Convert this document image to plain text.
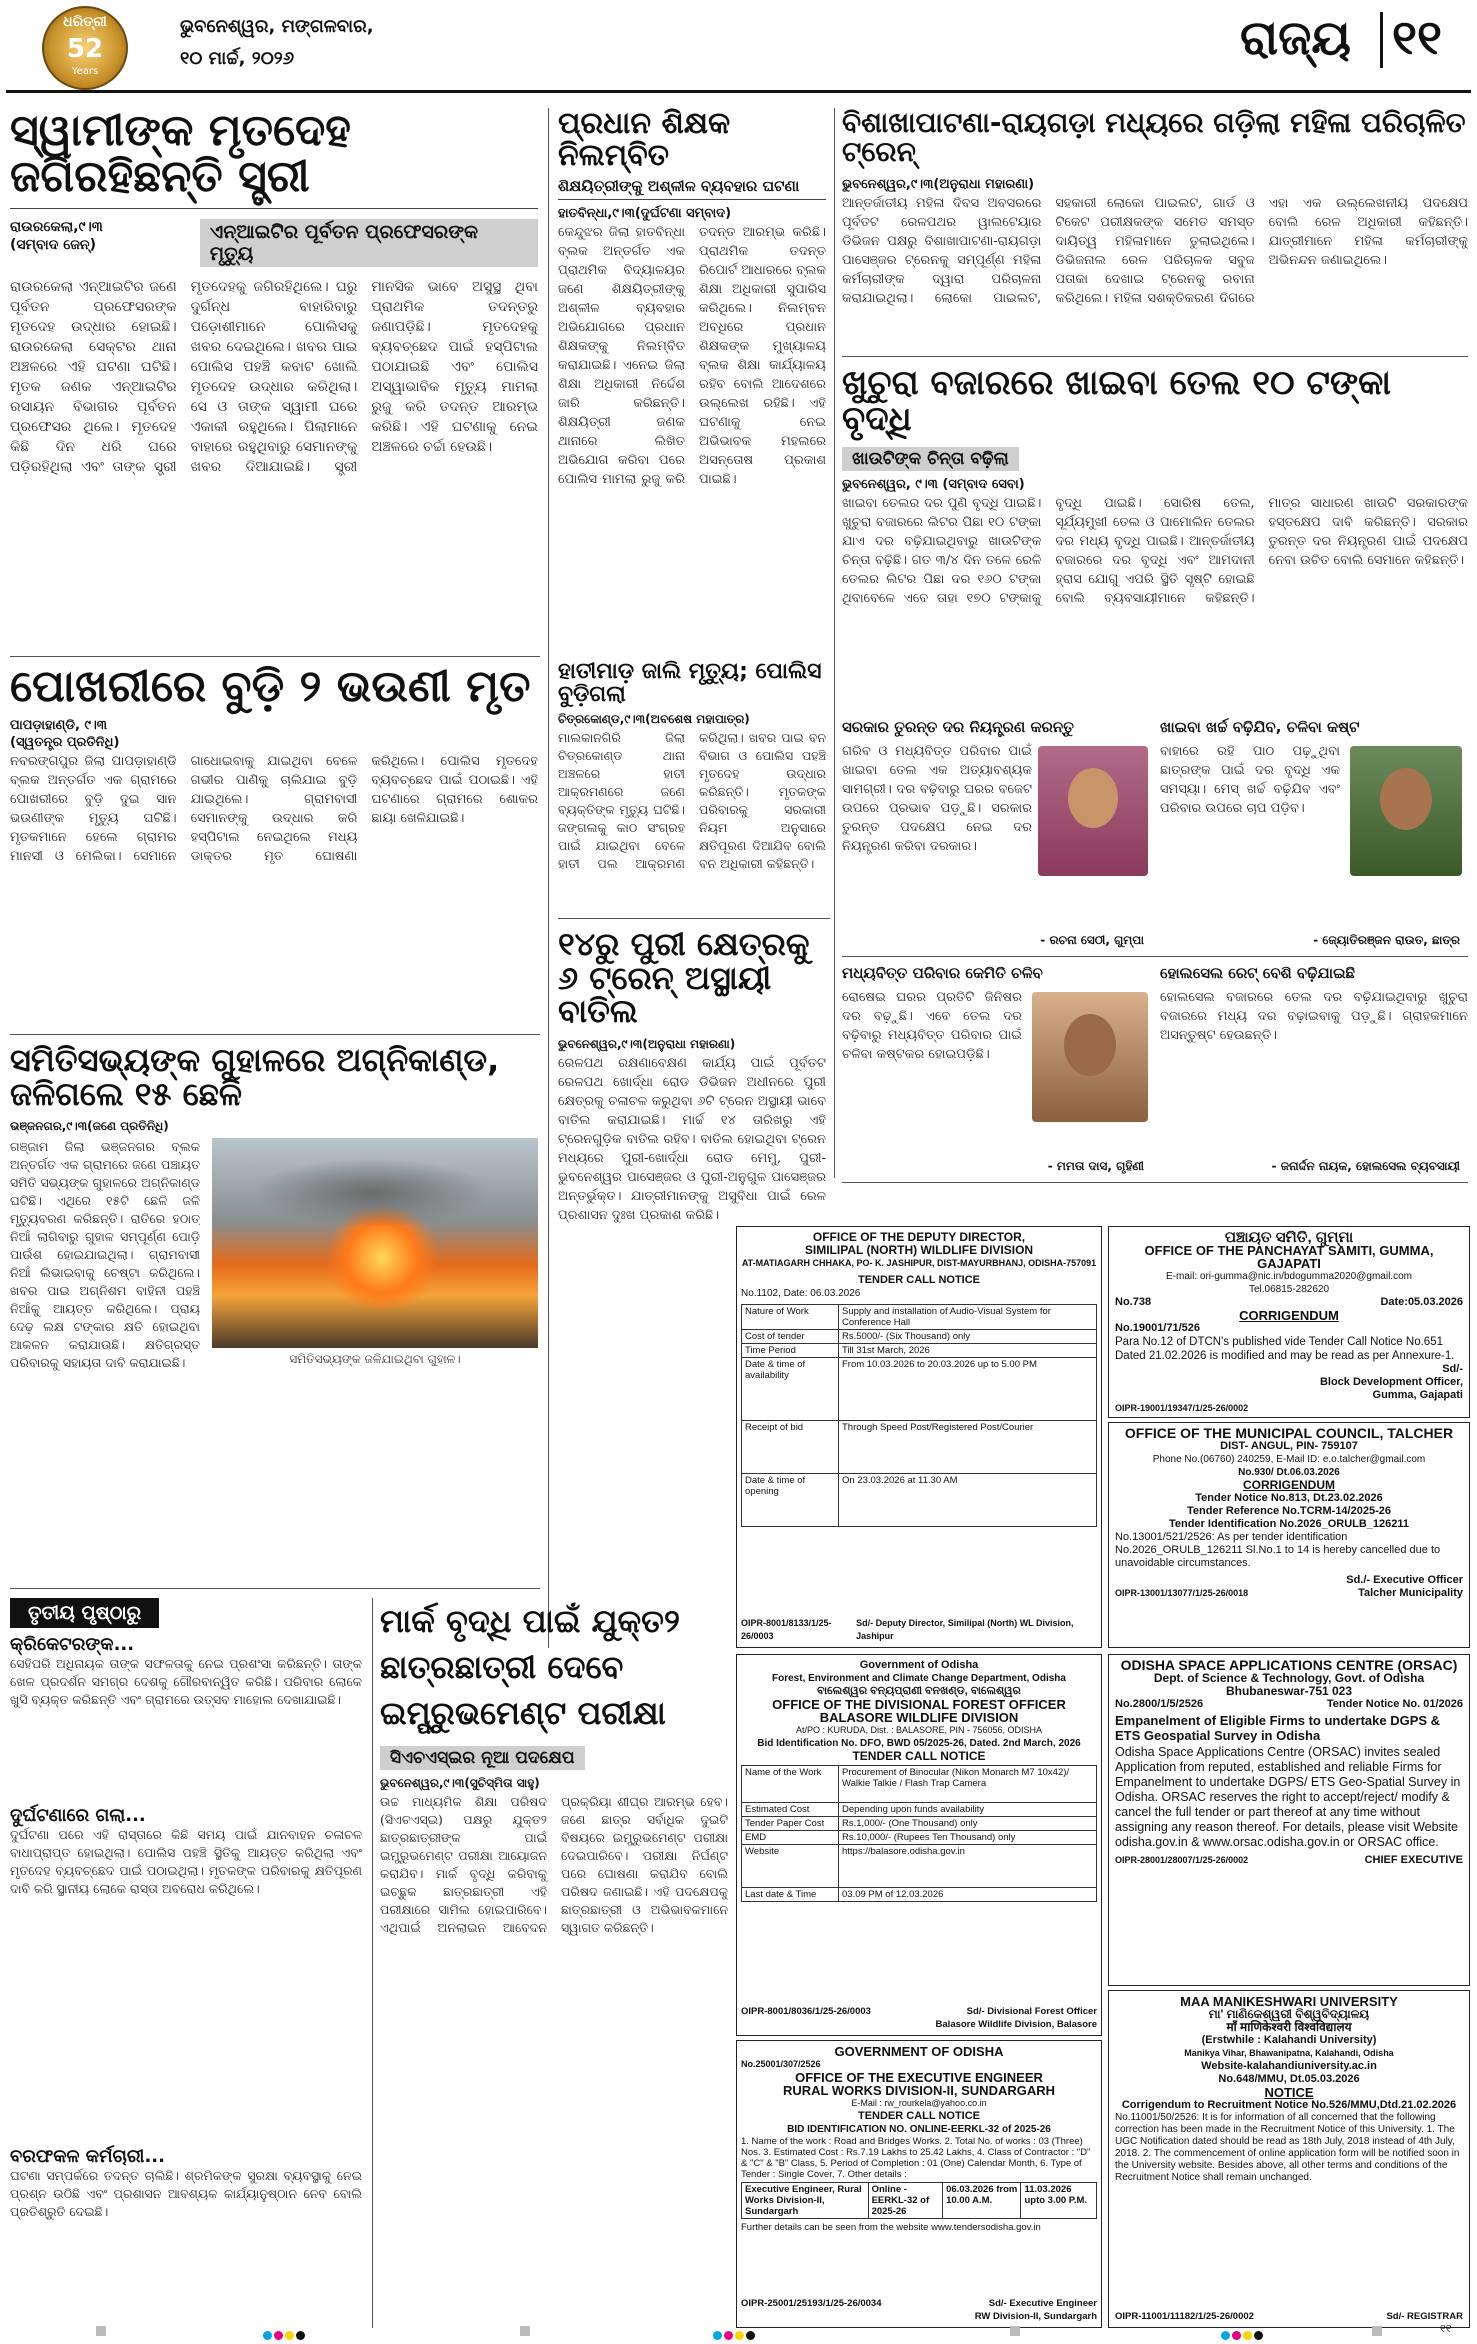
ଧରିତ୍ରୀ
52
Years
ଭୁବନେଶ୍ୱର, ମଙ୍ଗଳବାର,
୧୦ ମାର୍ଚ୍ଚ, ୨୦୨୬	ରାଜ୍ୟ ୧୧
ସ୍ୱାମୀଙ୍କ ମୃତଦେହ ଜଗିରହିଛନ୍ତି ସ୍ତ୍ରୀ
ରାଉରକେଲା,୯।୩
(ସମ୍ବାଦ ଜେନ୍)
ଏନ୍‌ଆଇଟିର ପୂର୍ବତନ ପ୍ରଫେସରଙ୍କ ମୃତ୍ୟୁ
ରାଉରକେଲା ଏନ୍‌ଆଇଟିର ଜଣେ ପୂର୍ବତନ ପ୍ରଫେସରଙ୍କ ମୃତଦେହ ଉଦ୍ଧାର ହୋଇଛି। ରାଉରକେଲା ସେକ୍ଟର ଥାନା ଅଞ୍ଚଳରେ ଏହି ଘଟଣା ଘଟିଛି। ମୃତକ ଜଣକ ଏନ୍‌ଆଇଟିର ରସାୟନ ବିଭାଗର ପୂର୍ବତନ ପ୍ରଫେସର ଥିଲେ। ମୃତଦେହ କିଛି ଦିନ ଧରି ଘରେ ପଡ଼ିରହିଥିଲା ଏବଂ ତାଙ୍କ ସ୍ତ୍ରୀ ମୃତଦେହକୁ ଜଗିରହିଥିଲେ। ଘରୁ ଦୁର୍ଗନ୍ଧ ବାହାରିବାରୁ ପଡ଼ୋଶୀମାନେ ପୋଲିସକୁ ଖବର ଦେଇଥିଲେ। ଖବର ପାଇ ପୋଲିସ ପହଞ୍ଚି କବାଟ ଖୋଲି ମୃତଦେହ ଉଦ୍ଧାର କରିଥିଲା। ସେ ଓ ତାଙ୍କ ସ୍ୱାମୀ ଘରେ ଏକାକୀ ରହୁଥିଲେ। ପିଲାମାନେ ବାହାରେ ରହୁଥିବାରୁ ସେମାନଙ୍କୁ ଖବର ଦିଆଯାଇଛି। ସ୍ତ୍ରୀ ମାନସିକ ଭାବେ ଅସୁସ୍ଥ ଥିବା ପ୍ରାଥମିକ ତଦନ୍ତରୁ ଜଣାପଡ଼ିଛି। ମୃତଦେହକୁ ବ୍ୟବଚ୍ଛେଦ ପାଇଁ ହସ୍ପିଟାଲ ପଠାଯାଇଛି ଏବଂ ପୋଲିସ ଅସ୍ୱାଭାବିକ ମୃତ୍ୟୁ ମାମଲା ରୁଜୁ କରି ତଦନ୍ତ ଆରମ୍ଭ କରିଛି। ଏହି ଘଟଣାକୁ ନେଇ ଅଞ୍ଚଳରେ ଚର୍ଚ୍ଚା ହେଉଛି।
ପ୍ରଧାନ ଶିକ୍ଷକ ନିଲମ୍ବିତ
ଶିକ୍ଷୟିତ୍ରୀଙ୍କୁ ଅଶ୍ଳୀଳ ବ୍ୟବହାର ଘଟଣା
ହାତବିନ୍ଧା,୯।୩(ଦୁର୍ଘଟଣା ସମ୍ବାଦ)
କେନ୍ଦୁଝର ଜିଲା ହାତବିନ୍ଧା ବ୍ଲକ ଅନ୍ତର୍ଗତ ଏକ ପ୍ରାଥମିକ ବିଦ୍ୟାଳୟର ଜଣେ ଶିକ୍ଷୟିତ୍ରୀଙ୍କୁ ଅଶ୍ଳୀଳ ବ୍ୟବହାର ଅଭିଯୋଗରେ ପ୍ରଧାନ ଶିକ୍ଷକଙ୍କୁ ନିଲମ୍ବିତ କରାଯାଇଛି। ଏନେଇ ଜିଲା ଶିକ୍ଷା ଅଧିକାରୀ ନିର୍ଦ୍ଦେଶ ଜାରି କରିଛନ୍ତି। ଶିକ୍ଷୟିତ୍ରୀ ଜଣକ ଥାନାରେ ଲିଖିତ ଅଭିଯୋଗ କରିବା ପରେ ପୋଲିସ ମାମଲା ରୁଜୁ କରି ତଦନ୍ତ ଆରମ୍ଭ କରିଛି। ପ୍ରାଥମିକ ତଦନ୍ତ ରିପୋର୍ଟ ଆଧାରରେ ବ୍ଲକ ଶିକ୍ଷା ଅଧିକାରୀ ସୁପାରିସ କରିଥିଲେ। ନିଲମ୍ବନ ଅବଧିରେ ପ୍ରଧାନ ଶିକ୍ଷକଙ୍କ ମୁଖ୍ୟାଳୟ ବ୍ଲକ ଶିକ୍ଷା କାର୍ଯ୍ୟାଳୟ ରହିବ ବୋଲି ଆଦେଶରେ ଉଲ୍ଲେଖ ରହିଛି। ଏହି ଘଟଣାକୁ ନେଇ ଅଭିଭାବକ ମହଲରେ ଅସନ୍ତୋଷ ପ୍ରକାଶ ପାଇଛି।
ବିଶାଖାପାଟଣା-ରାୟଗଡ଼ା ମଧ୍ୟରେ ଗଡ଼ିଲା ମହିଳା ପରିଚାଳିତ ଟ୍ରେନ୍
ଭୁବନେଶ୍ୱର,୯।୩(ଅନୁରାଧା ମହାରଣା)
ଆନ୍ତର୍ଜାତୀୟ ମହିଳା ଦିବସ ଅବସରରେ ପୂର୍ବତଟ ରେଳପଥର ୱାଲଟେୟାର ଡିଭିଜନ ପକ୍ଷରୁ ବିଶାଖାପାଟଣା-ରାୟଗଡ଼ା ପାସେଞ୍ଜର ଟ୍ରେନକୁ ସମ୍ପୂର୍ଣ୍ଣ ମହିଳା କର୍ମଚାରୀଙ୍କ ଦ୍ୱାରା ପରିଚାଳନା କରାଯାଇଥିଲା। ଲୋକୋ ପାଇଲଟ, ସହକାରୀ ଲୋକୋ ପାଇଲଟ, ଗାର୍ଡ ଓ ଟିକେଟ ପରୀକ୍ଷକଙ୍କ ସମେତ ସମସ୍ତ ଦାୟିତ୍ୱ ମହିଳାମାନେ ତୁଲାଇଥିଲେ। ଡିଭିଜନାଲ ରେଳ ପରିଚାଳକ ସବୁଜ ପତାକା ଦେଖାଇ ଟ୍ରେନକୁ ରବାନା କରିଥିଲେ। ମହିଳା ସଶକ୍ତିକରଣ ଦିଗରେ ଏହା ଏକ ଉଲ୍ଲେଖନୀୟ ପଦକ୍ଷେପ ବୋଲି ରେଳ ଅଧିକାରୀ କହିଛନ୍ତି। ଯାତ୍ରୀମାନେ ମହିଳା କର୍ମଚାରୀଙ୍କୁ ଅଭିନନ୍ଦନ ଜଣାଇଥିଲେ।
ଖୁଚୁରା ବଜାରରେ ଖାଇବା ତେଲ ୧୦ ଟଙ୍କା ବୃଦ୍ଧି
ଖାଉଟିଙ୍କ ଚିନ୍ତା ବଢ଼ିଲା
ଭୁବନେଶ୍ୱର, ୯।୩ (ସମ୍ବାଦ ସେବା)
ଖାଇବା ତେଲର ଦର ପୁଣି ବୃଦ୍ଧି ପାଇଛି। ଖୁଚୁରା ବଜାରରେ ଲିଟର ପିଛା ୧୦ ଟଙ୍କା ଯାଏ ଦର ବଢ଼ିଯାଇଥିବାରୁ ଖାଉଟିଙ୍କ ଚିନ୍ତା ବଢ଼ିଛି। ଗତ ୩/୪ ଦିନ ତଳେ ରେଳି ତେଲର ଲିଟର ପିଛା ଦର ୧୬୦ ଟଙ୍କା ଥିବାବେଳେ ଏବେ ତାହା ୧୭୦ ଟଙ୍କାକୁ ବୃଦ୍ଧି ପାଇଛି। ସୋରିଷ ତେଲ, ସୂର୍ଯ୍ୟମୁଖୀ ତେଲ ଓ ପାମୋଲିନ ତେଲର ଦର ମଧ୍ୟ ବୃଦ୍ଧି ପାଇଛି। ଆନ୍ତର୍ଜାତୀୟ ବଜାରରେ ଦର ବୃଦ୍ଧି ଏବଂ ଆମଦାନୀ ହ୍ରାସ ଯୋଗୁ ଏପରି ସ୍ଥିତି ସୃଷ୍ଟି ହୋଇଛି ବୋଲି ବ୍ୟବସାୟୀମାନେ କହିଛନ୍ତି। ମାତ୍ର ସାଧାରଣ ଖାଉଟି ସରକାରଙ୍କ ହସ୍ତକ୍ଷେପ ଦାବି କରିଛନ୍ତି। ସରକାର ତୁରନ୍ତ ଦର ନିୟନ୍ତ୍ରଣ ପାଇଁ ପଦକ୍ଷେପ ନେବା ଉଚିତ ବୋଲି ସେମାନେ କହିଛନ୍ତି।
ସରକାର ତୁରନ୍ତ ଦର ନିୟନ୍ତ୍ରଣ କରନ୍ତୁ
ଗରିବ ଓ ମଧ୍ୟବିତ୍ତ ପରିବାର ପାଇଁ ଖାଇବା ତେଲ ଏକ ଅତ୍ୟାବଶ୍ୟକ ସାମଗ୍ରୀ। ଦର ବଢ଼ିବାରୁ ଘରର ବଜେଟ ଉପରେ ପ୍ରଭାବ ପଡ଼ୁଛି। ସରକାର ତୁରନ୍ତ ପଦକ୍ଷେପ ନେଇ ଦର ନିୟନ୍ତ୍ରଣ କରିବା ଦରକାର।
- ରଚନା ସେଠୀ, ଗୁମ୍ପା
ଖାଇବା ଖର୍ଚ୍ଚ ବଢ଼ିଯିବ, ଚଳିବା କଷ୍ଟ
ବାହାରେ ରହି ପାଠ ପଢ଼ୁଥିବା ଛାତ୍ରଙ୍କ ପାଇଁ ଦର ବୃଦ୍ଧି ଏକ ସମସ୍ୟା। ମେସ୍ ଖର୍ଚ୍ଚ ବଢ଼ିଯିବ ଏବଂ ପରିବାର ଉପରେ ଚାପ ପଡ଼ିବ।
- ଜ୍ୟୋତିରଞ୍ଜନ ରାଉତ, ଛାତ୍ର
ମଧ୍ୟବିତ୍ତ ପରିବାର କେମିତି ଚଳିବ
ରୋଷେଇ ଘରର ପ୍ରତିଟି ଜିନିଷର ଦର ବଢ଼ୁଛି। ଏବେ ତେଲ ଦର ବଢ଼ିବାରୁ ମଧ୍ୟବିତ୍ତ ପରିବାର ପାଇଁ ଚଳିବା କଷ୍ଟକର ହୋଇପଡ଼ିଛି।
- ମମତା ଦାସ, ଗୃହିଣୀ
ହୋଲସେଲ ରେଟ୍ ବେଶି ବଢ଼ିଯାଇଛି
ହୋଲସେଲ ବଜାରରେ ତେଲ ଦର ବଢ଼ିଯାଇଥିବାରୁ ଖୁଚୁରା ବଜାରରେ ମଧ୍ୟ ଦର ବଢ଼ାଇବାକୁ ପଡ଼ୁଛି। ଗ୍ରାହକମାନେ ଅସନ୍ତୁଷ୍ଟ ହେଉଛନ୍ତି।
- ଜନାର୍ଦ୍ଦନ ନାୟକ, ହୋଲସେଲ ବ୍ୟବସାୟୀ
ପୋଖରୀରେ ବୁଡ଼ି ୨ ଭଉଣୀ ମୃତ
ପାପଡ଼ାହାଣ୍ଡି, ୯।୩
(ସ୍ୱତନ୍ତ୍ର ପ୍ରତିନିଧି)
ନବରଙ୍ଗପୁର ଜିଲା ପାପଡ଼ାହାଣ୍ଡି ବ୍ଲକ ଅନ୍ତର୍ଗତ ଏକ ଗ୍ରାମରେ ପୋଖରୀରେ ବୁଡ଼ି ଦୁଇ ସାନ ଭଉଣୀଙ୍କ ମୃତ୍ୟୁ ଘଟିଛି। ମୃତକମାନେ ହେଲେ ଗ୍ରାମର ମାନସୀ ଓ ମେଲିକା। ସେମାନେ ଗାଧୋଇବାକୁ ଯାଇଥିବା ବେଳେ ଗଭୀର ପାଣିକୁ ଚାଲିଯାଇ ବୁଡ଼ି ଯାଇଥିଲେ। ଗ୍ରାମବାସୀ ସେମାନଙ୍କୁ ଉଦ୍ଧାର କରି ହସ୍ପିଟାଲ ନେଇଥିଲେ ମଧ୍ୟ ଡାକ୍ତର ମୃତ ଘୋଷଣା କରିଥିଲେ। ପୋଲିସ ମୃତଦେହ ବ୍ୟବଚ୍ଛେଦ ପାଇଁ ପଠାଇଛି। ଏହି ଘଟଣାରେ ଗ୍ରାମରେ ଶୋକର ଛାୟା ଖେଳିଯାଇଛି।
ହାତୀମାଡ଼ ଜାଲି ମୃତ୍ୟୁ; ପୋଲିସ ବୁଡ଼ିଗଲା
ଚିତ୍ରକୋଣ୍ଡ,୯।୩(ଅବଶେଷ ମହାପାତ୍ର)
ମାଲକାନଗିରି ଜିଲା ଚିତ୍ରକୋଣ୍ଡ ଥାନା ଅଞ୍ଚଳରେ ହାତୀ ଆକ୍ରମଣରେ ଜଣେ ବ୍ୟକ୍ତିଙ୍କ ମୃତ୍ୟୁ ଘଟିଛି। ଜଙ୍ଗଲକୁ କାଠ ସଂଗ୍ରହ ପାଇଁ ଯାଇଥିବା ବେଳେ ହାତୀ ପଲ ଆକ୍ରମଣ କରିଥିଲା। ଖବର ପାଇ ବନ ବିଭାଗ ଓ ପୋଲିସ ପହଞ୍ଚି ମୃତଦେହ ଉଦ୍ଧାର କରିଛନ୍ତି। ମୃତକଙ୍କ ପରିବାରକୁ ସରକାରୀ ନିୟମ ଅନୁସାରେ କ୍ଷତିପୂରଣ ଦିଆଯିବ ବୋଲି ବନ ଅଧିକାରୀ କହିଛନ୍ତି।
୧୪ରୁ ପୁରୀ କ୍ଷେତ୍ରକୁ ୬ ଟ୍ରେନ୍ ଅସ୍ଥାୟୀ ବାତିଲ
ଭୁବନେଶ୍ୱର,୯।୩(ଅନୁରାଧା ମହାରଣା)
ରେଳପଥ ରକ୍ଷଣାବେକ୍ଷଣ କାର୍ଯ୍ୟ ପାଇଁ ପୂର୍ବତଟ ରେଳପଥ ଖୋର୍ଦ୍ଧା ରୋଡ ଡିଭିଜନ ଅଧୀନରେ ପୁରୀ କ୍ଷେତ୍ରକୁ ଚଳାଚଳ କରୁଥିବା ୬ଟି ଟ୍ରେନ ଅସ୍ଥାୟୀ ଭାବେ ବାତିଲ କରାଯାଇଛି। ମାର୍ଚ୍ଚ ୧୪ ତାରିଖରୁ ଏହି ଟ୍ରେନଗୁଡ଼ିକ ବାତିଲ ରହିବ। ବାତିଲ ହୋଇଥିବା ଟ୍ରେନ ମଧ୍ୟରେ ପୁରୀ-ଖୋର୍ଦ୍ଧା ରୋଡ ମେମୁ, ପୁରୀ-ଭୁବନେଶ୍ୱର ପାସେଞ୍ଜର ଓ ପୁରୀ-ଅନୁଗୁଳ ପାସେଞ୍ଜର ଅନ୍ତର୍ଭୁକ୍ତ। ଯାତ୍ରୀମାନଙ୍କୁ ଅସୁବିଧା ପାଇଁ ରେଳ ପ୍ରଶାସନ ଦୁଃଖ ପ୍ରକାଶ କରିଛି।
ସମିତିସଭ୍ୟଙ୍କ ଗୁହାଳରେ ଅଗ୍ନିକାଣ୍ଡ, ଜଳିଗଲେ ୧୫ ଛେଳି
ଭଞ୍ଜନଗର,୯।୩(ଜଣେ ପ୍ରତିନିଧି)
ଗଞ୍ଜାମ ଜିଲା ଭଞ୍ଜନଗର ବ୍ଲକ ଅନ୍ତର୍ଗତ ଏକ ଗ୍ରାମରେ ଜଣେ ପଞ୍ଚାୟତ ସମିତି ସଭ୍ୟଙ୍କ ଗୁହାଳରେ ଅଗ୍ନିକାଣ୍ଡ ଘଟିଛି। ଏଥିରେ ୧୫ଟି ଛେଳି ଜଳି ମୃତ୍ୟୁବରଣ କରିଛନ୍ତି। ରାତିରେ ହଠାତ୍ ନିଆଁ ଲାଗିବାରୁ ଗୁହାଳ ସମ୍ପୂର୍ଣ୍ଣ ପୋଡ଼ି ପାଉଁଶ ହୋଇଯାଇଥିଲା। ଗ୍ରାମବାସୀ ନିଆଁ ଲିଭାଇବାକୁ ଚେଷ୍ଟା କରିଥିଲେ। ଖବର ପାଇ ଅଗ୍ନିଶମ ବାହିନୀ ପହଞ୍ଚି ନିଆଁକୁ ଆୟତ୍ତ କରିଥିଲେ। ପ୍ରାୟ ଦେଢ଼ ଲକ୍ଷ ଟଙ୍କାର କ୍ଷତି ହୋଇଥିବା ଆକଳନ କରାଯାଉଛି। କ୍ଷତିଗ୍ରସ୍ତ ପରିବାରକୁ ସହାୟତା ଦାବି କରାଯାଇଛି।	ସମିତିସଭ୍ୟଙ୍କ ଜଳିଯାଇଥିବା ଗୁହାଳ।
ତୃତୀୟ ପୃଷ୍ଠାରୁ
କ୍ରିକେଟରଙ୍କ...
ସେହିପରି ଅଧିନାୟକ ତାଙ୍କ ସଫଳତାକୁ ନେଇ ପ୍ରଶଂସା କରିଛନ୍ତି। ତାଙ୍କ ଖେଳ ପ୍ରଦର୍ଶନ ସମଗ୍ର ଦେଶକୁ ଗୌରବାନ୍ୱିତ କରିଛି। ପରିବାର ଲୋକେ ଖୁସି ବ୍ୟକ୍ତ କରିଛନ୍ତି ଏବଂ ଗ୍ରାମରେ ଉତ୍ସବ ମାହୋଲ ଦେଖାଯାଇଛି।
ଦୁର୍ଘଟଣାରେ ଗଲା...
ଦୁର୍ଘଟଣା ପରେ ଏହି ରାସ୍ତାରେ କିଛି ସମୟ ପାଇଁ ଯାନବାହନ ଚଳାଚଳ ବାଧାପ୍ରାପ୍ତ ହୋଇଥିଲା। ପୋଲିସ ପହଞ୍ଚି ସ୍ଥିତିକୁ ଆୟତ୍ତ କରିଥିଲା ଏବଂ ମୃତଦେହ ବ୍ୟବଚ୍ଛେଦ ପାଇଁ ପଠାଇଥିଲା। ମୃତକଙ୍କ ପରିବାରକୁ କ୍ଷତିପୂରଣ ଦାବି କରି ସ୍ଥାନୀୟ ଲୋକେ ରାସ୍ତା ଅବରୋଧ କରିଥିଲେ।
ବରଫକଳ କର୍ମଚାରୀ...
ଘଟଣା ସମ୍ପର୍କରେ ତଦନ୍ତ ଚାଲିଛି। ଶ୍ରମିକଙ୍କ ସୁରକ୍ଷା ବ୍ୟବସ୍ଥାକୁ ନେଇ ପ୍ରଶ୍ନ ଉଠିଛି ଏବଂ ପ୍ରଶାସନ ଆବଶ୍ୟକ କାର୍ଯ୍ୟାନୁଷ୍ଠାନ ନେବ ବୋଲି ପ୍ରତିଶ୍ରୁତି ଦେଇଛି।
ମାର୍କ ବୃଦ୍ଧି ପାଇଁ ଯୁକ୍ତ୨ ଛାତ୍ରଛାତ୍ରୀ ଦେବେ ଇମ୍ପ୍ରୁଭମେଣ୍ଟ ପରୀକ୍ଷା
ସିଏଚଏସ୍ଇର ନୂଆ ପଦକ୍ଷେପ
ଭୁବନେଶ୍ୱର,୯।୩(ସୁଚିସ୍ମିତା ସାହୁ)
ଉଚ୍ଚ ମାଧ୍ୟମିକ ଶିକ୍ଷା ପରିଷଦ (ସିଏଚଏସ୍ଇ) ପକ୍ଷରୁ ଯୁକ୍ତ୨ ଛାତ୍ରଛାତ୍ରୀଙ୍କ ପାଇଁ ଇମ୍ପ୍ରୁଭମେଣ୍ଟ ପରୀକ୍ଷା ଆୟୋଜନ କରାଯିବ। ମାର୍କ ବୃଦ୍ଧି କରିବାକୁ ଇଚ୍ଛୁକ ଛାତ୍ରଛାତ୍ରୀ ଏହି ପରୀକ୍ଷାରେ ସାମିଲ ହୋଇପାରିବେ। ଏଥିପାଇଁ ଅନଲାଇନ ଆବେଦନ ପ୍ରକ୍ରିୟା ଶୀଘ୍ର ଆରମ୍ଭ ହେବ। ଜଣେ ଛାତ୍ର ସର୍ବାଧିକ ଦୁଇଟି ବିଷୟରେ ଇମ୍ପ୍ରୁଭମେଣ୍ଟ ପରୀକ୍ଷା ଦେଇପାରିବେ। ପରୀକ୍ଷା ନିର୍ଘଣ୍ଟ ପରେ ଘୋଷଣା କରାଯିବ ବୋଲି ପରିଷଦ ଜଣାଇଛି। ଏହି ପଦକ୍ଷେପକୁ ଛାତ୍ରଛାତ୍ରୀ ଓ ଅଭିଭାବକମାନେ ସ୍ୱାଗତ କରିଛନ୍ତି।
OFFICE OF THE DEPUTY DIRECTOR,
SIMILIPAL (NORTH) WILDLIFE DIVISION
AT-MATIAGARH CHHAKA, PO- K. JASHIPUR, DIST-MAYURBHANJ, ODISHA-757091
TENDER CALL NOTICE
No.1102, Date: 06.03.2026
Nature of Work	Supply and installation of Audio-Visual System for Conference Hall
Cost of tender	Rs.5000/- (Six Thousand) only
Time Period	Till 31st March, 2026
Date & time of availability	From 10.03.2026 to 20.03.2026 up to 5.00 PM
Receipt of bid	Through Speed Post/Registered Post/Courier
Date & time of opening	On 23.03.2026 at 11.30 AM
OIPR-8001/8133/1/25-26/0003
Sd/- Deputy Director, Similipal (North) WL Division, Jashipur
ପଞ୍ଚାୟତ ସମିତି, ଗୁମ୍ମା
OFFICE OF THE PANCHAYAT SAMITI, GUMMA, GAJAPATI
E-mail: ori-gumma@nic.in/bdogumma2020@gmail.com
Tel.06815-282620
No.738	Date:05.03.2026
CORRIGENDUM
No.19001/71/526
Para No.12 of DTCN's published vide Tender Call Notice No.651 Dated 21.02.2026 is modified and may be read as per Annexure-1.
Sd/-
Block Development Officer,
Gumma, Gajapati
OIPR-19001/19347/1/25-26/0002
OFFICE OF THE MUNICIPAL COUNCIL, TALCHER
DIST- ANGUL, PIN- 759107
Phone No.(06760) 240259, E-Mail ID: e.o.talcher@gmail.com
No.930/ Dt.06.03.2026
CORRIGENDUM
Tender Notice No.813, Dt.23.02.2026
Tender Reference No.TCRM-14/2025-26
Tender Identification No.2026_ORULB_126211
No.13001/521/2526: As per tender identification No.2026_ORULB_126211 Sl.No.1 to 14 is hereby cancelled due to unavoidable circumstances.
OIPR-13001/13077/1/25-26/0018
Sd./- Executive Officer
Talcher Municipality
Government of Odisha
Forest, Environment and Climate Change Department, Odisha
ବାଲେଶ୍ୱର ବନ୍ୟପ୍ରାଣୀ ବନଖଣ୍ଡ, ବାଲେଶ୍ୱର
OFFICE OF THE DIVISIONAL FOREST OFFICER
BALASORE WILDLIFE DIVISION
At/PO : KURUDA, Dist. : BALASORE, PIN - 756056, ODISHA
Bid Identification No. DFO, BWD 05/2025-26, Dated. 2nd March, 2026
TENDER CALL NOTICE
Name of the Work	Procurement of Binocular (Nikon Monarch M7 10x42)/ Walkie Talkie / Flash Trap Camera
Estimated Cost	Depending upon funds availability
Tender Paper Cost	Rs.1,000/- (One Thousand) only
EMD	Rs.10,000/- (Rupees Ten Thousand) only
Website	https://balasore.odisha.gov.in
Last date & Time	03.09 PM of 12.03.2026
OIPR-8001/8036/1/25-26/0003	Sd/- Divisional Forest Officer
Balasore Wildlife Division, Balasore
ODISHA SPACE APPLICATIONS CENTRE (ORSAC)
Dept. of Science & Technology, Govt. of Odisha
Bhubaneswar-751 023
No.2800/1/5/2526	Tender Notice No. 01/2026
Empanelment of Eligible Firms to undertake DGPS & ETS Geospatial Survey in Odisha
Odisha Space Applications Centre (ORSAC) invites sealed Application from reputed, established and reliable Firms for Empanelment to undertake DGPS/ ETS Geo-Spatial Survey in Odisha. ORSAC reserves the right to accept/reject/ modify & cancel the full tender or part thereof at any time without assigning any reason thereof. For details, please visit Website odisha.gov.in & www.orsac.odisha.gov.in or ORSAC office.
OIPR-28001/28007/1/25-26/0002	CHIEF EXECUTIVE
GOVERNMENT OF ODISHA
No.25001/307/2526
OFFICE OF THE EXECUTIVE ENGINEER
RURAL WORKS DIVISION-II, SUNDARGARH
E-Mail : rw_rourkela@yahoo.co.in
TENDER CALL NOTICE
BID IDENTIFICATION NO. ONLINE-EERKL-32 of 2025-26
1. Name of the work : Road and Bridges Works. 2. Total No. of works : 03 (Three) Nos. 3. Estimated Cost : Rs.7.19 Lakhs to 25.42 Lakhs, 4. Class of Contractor : "D" & "C" & "B" Class, 5. Period of Completion : 01 (One) Calendar Month, 6. Type of Tender : Single Cover, 7. Other details :
Executive Engineer, Rural Works Division-II, Sundargarh	Online - EERKL-32 of 2025-26	06.03.2026 from 10.00 A.M.	11.03.2026 upto 3.00 P.M.
Further details can be seen from the website www.tendersodisha.gov.in
OIPR-25001/25193/1/25-26/0034	Sd/- Executive Engineer
RW Division-II, Sundargarh
MAA MANIKESHWARI UNIVERSITY
ମା' ମାଣିକେଶ୍ୱରୀ ବିଶ୍ୱବିଦ୍ୟାଳୟ
माँ माणिकेश्वरी विश्वविद्यालय
(Erstwhile : Kalahandi University)
Manikya Vihar, Bhawanipatna, Kalahandi, Odisha
Website-kalahandiuniversity.ac.in
No.648/MMU, Dt.05.03.2026
NOTICE
Corrigendum to Recruitment Notice No.526/MMU,Dtd.21.02.2026
No.11001/50/2526: It is for information of all concerned that the following correction has been made in the Recruitment Notice of this University. 1. The UGC Notification dated should be read as 18th July, 2018 instead of 4th July, 2018. 2. The commencement of online application form will be notified soon in the University website. Besides above, all other terms and conditions of the Recruitment Notice shall remain unchanged.
OIPR-11001/11182/1/25-26/0002	Sd/- REGISTRAR
୧୧
